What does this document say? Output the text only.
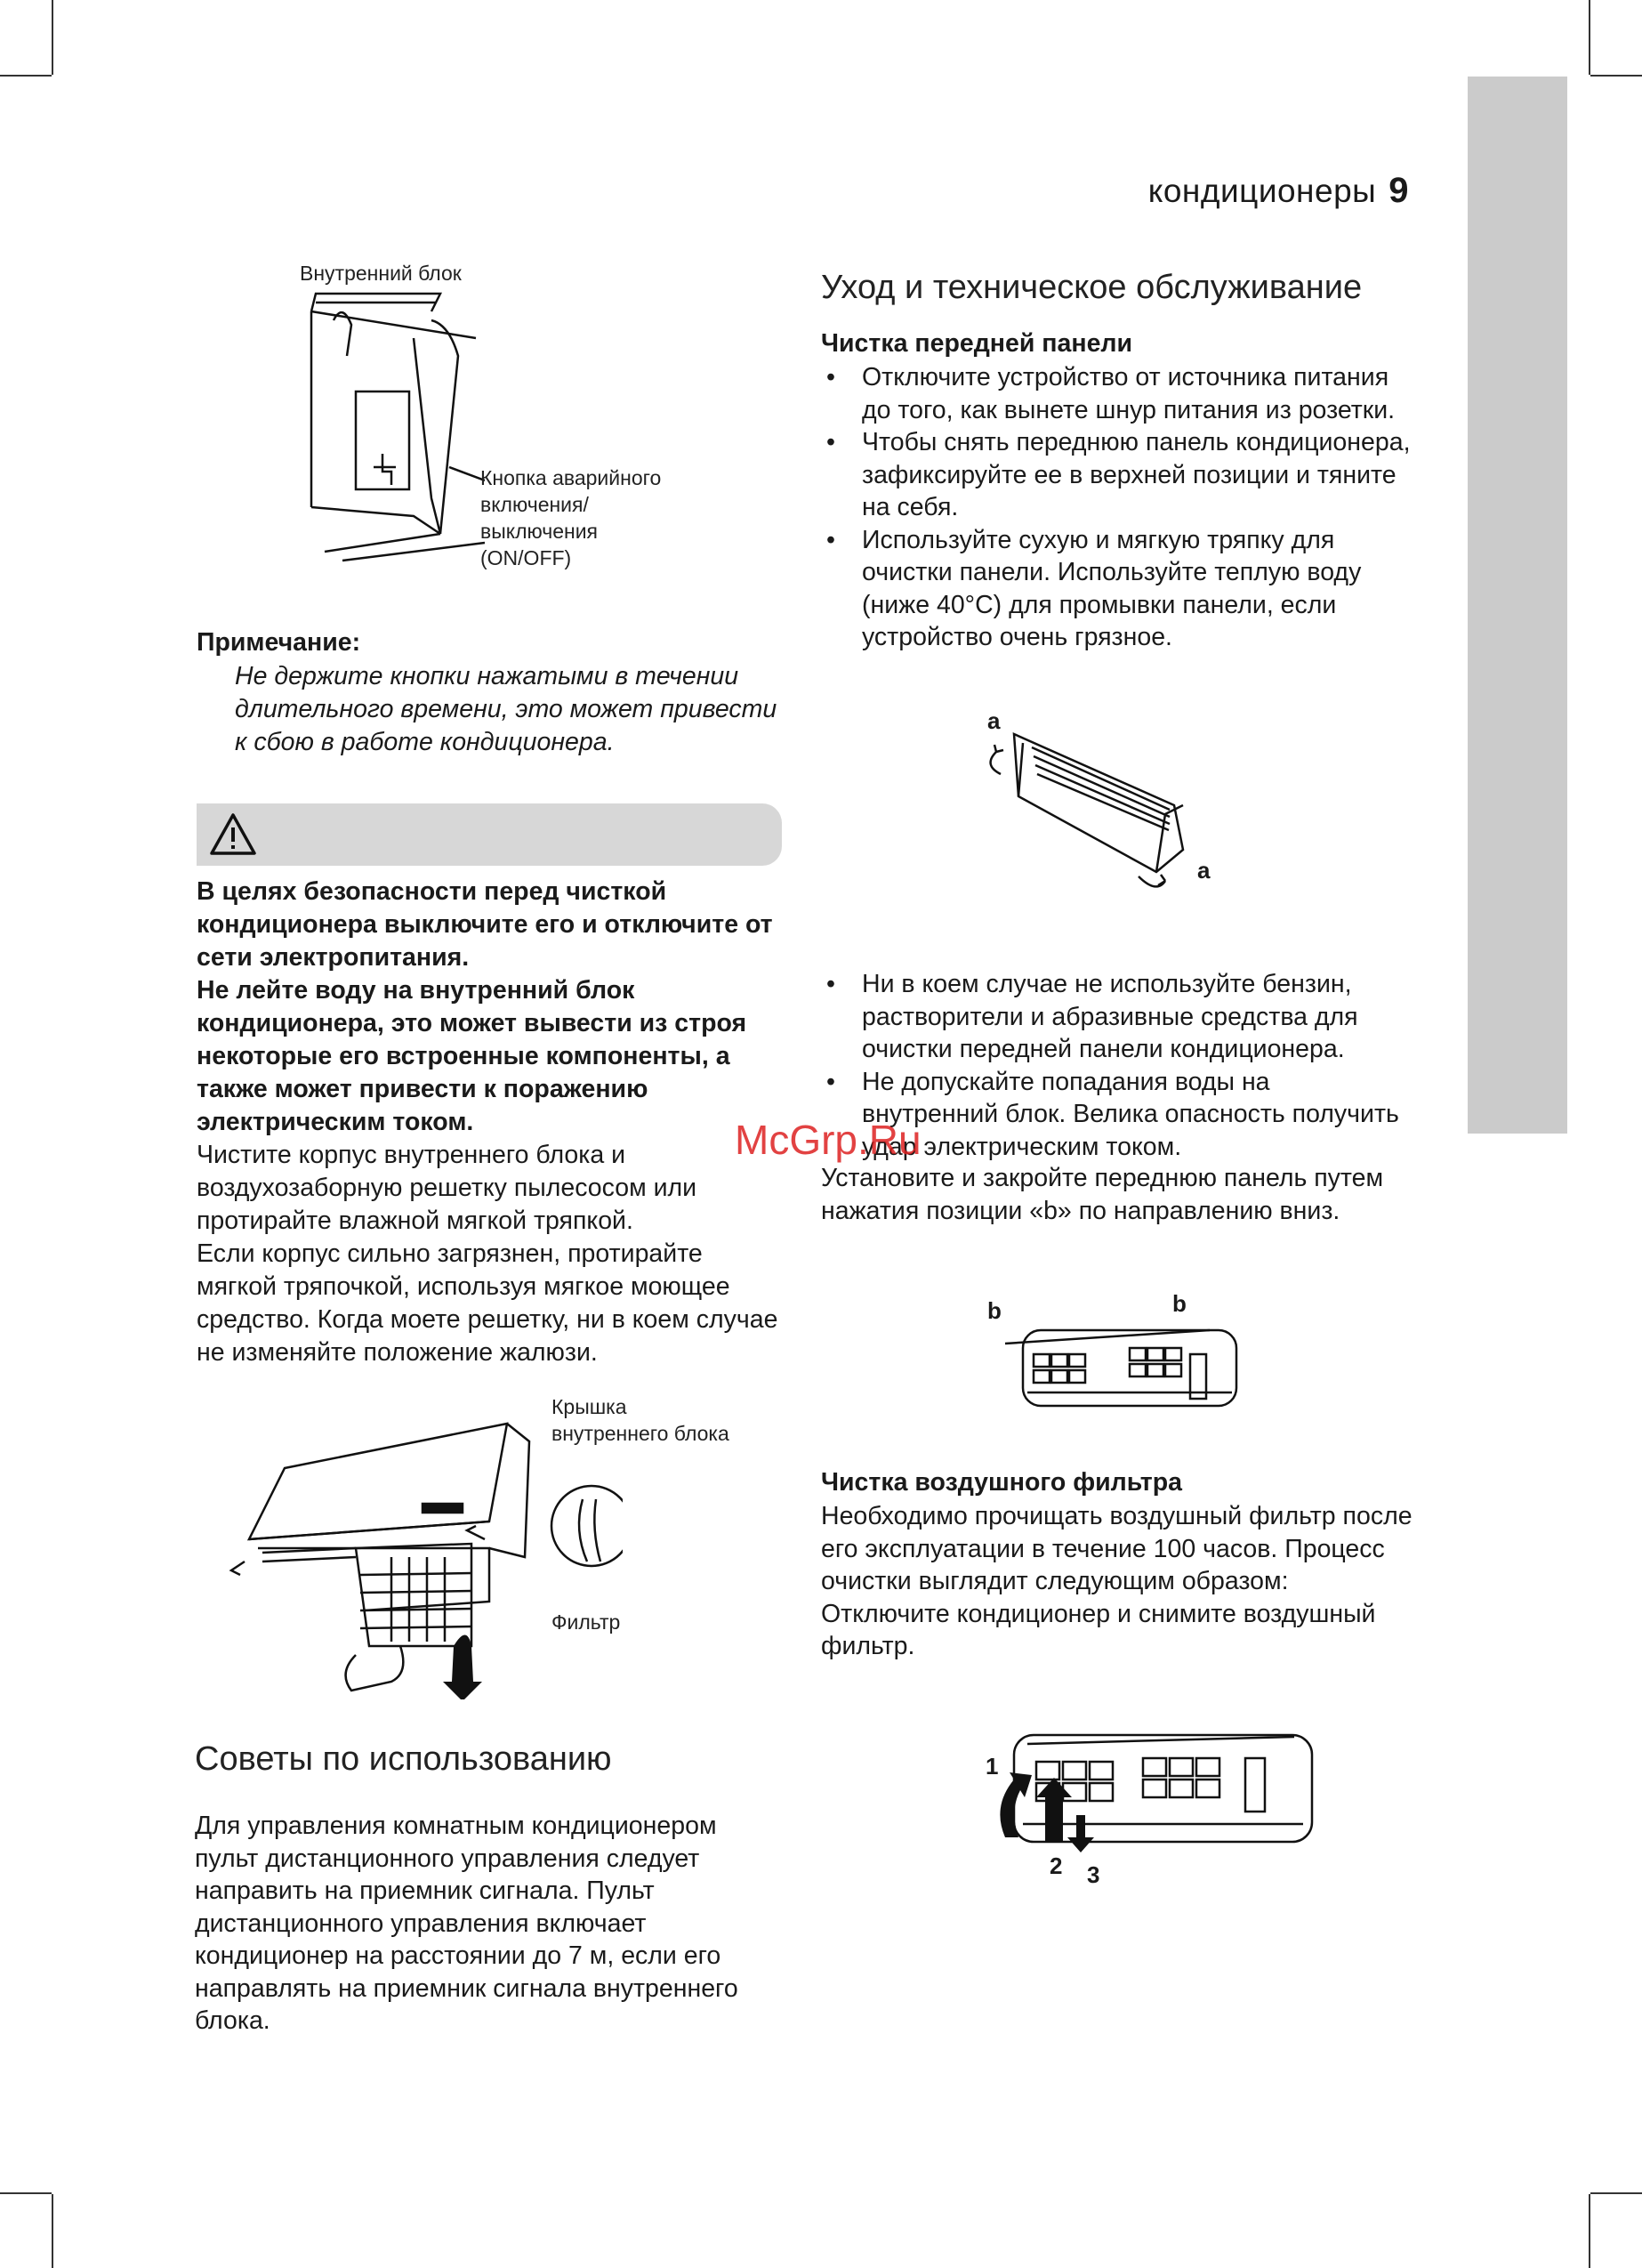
кондиционеры 9
Внутренний блок
Кнопка аварийного
включения/
выключения
(ON/OFF)
Примечание:
Не держите кнопки нажатыми в течении длительного времени, это может привести к сбою в работе кондиционера.
В целях безопасности перед чисткой кондиционера выключите его и отключите от сети электропитания.
Не лейте воду на внутренний блок кондиционера, это может вывести из строя некоторые его встроенные компоненты, а также может привести к поражению электрическим током.
Чистите корпус внутреннего блока и воздухозаборную решетку пылесосом или протирайте влажной мягкой тряпкой.
Если корпус сильно загрязнен, протирайте мягкой тряпочкой, используя мягкое моющее средство. Когда моете решетку, ни в коем случае не изменяйте положение жалюзи.
Крышка
внутреннего блока
Фильтр
Советы по использованию
Для управления комнатным кондиционером пульт дистанционного управления следует направить на приемник сигнала. Пульт дистанционного управления включает кондиционер на расстоянии до 7 м, если его направлять на приемник сигнала внутреннего блока.
Уход и техническое обслуживание
Чистка передней панели
• Отключите устройство от источника питания до того, как вынете шнур питания из розетки.
• Чтобы снять переднюю панель кондиционера, зафиксируйте ее в верхней позиции и тяните на себя.
• Используйте сухую и мягкую тряпку для очистки панели. Используйте теплую воду (ниже 40°C) для промывки панели, если устройство очень грязное.
a
a
• Ни в коем случае не используйте бензин, растворители и абразивные средства для очистки передней панели кондиционера.
• Не допускайте попадания воды на внутренний блок. Велика опасность получить удар электрическим током.
Установите и закройте переднюю панель путем нажатия позиции «b» по направлению вниз.
b	b
Чистка воздушного фильтра
Необходимо прочищать воздушный фильтр после его эксплуатации в течение 100 часов. Процесс очистки выглядит следующим образом:
Отключите кондиционер и снимите воздушный фильтр.
1
2 3
McGrp.Ru
